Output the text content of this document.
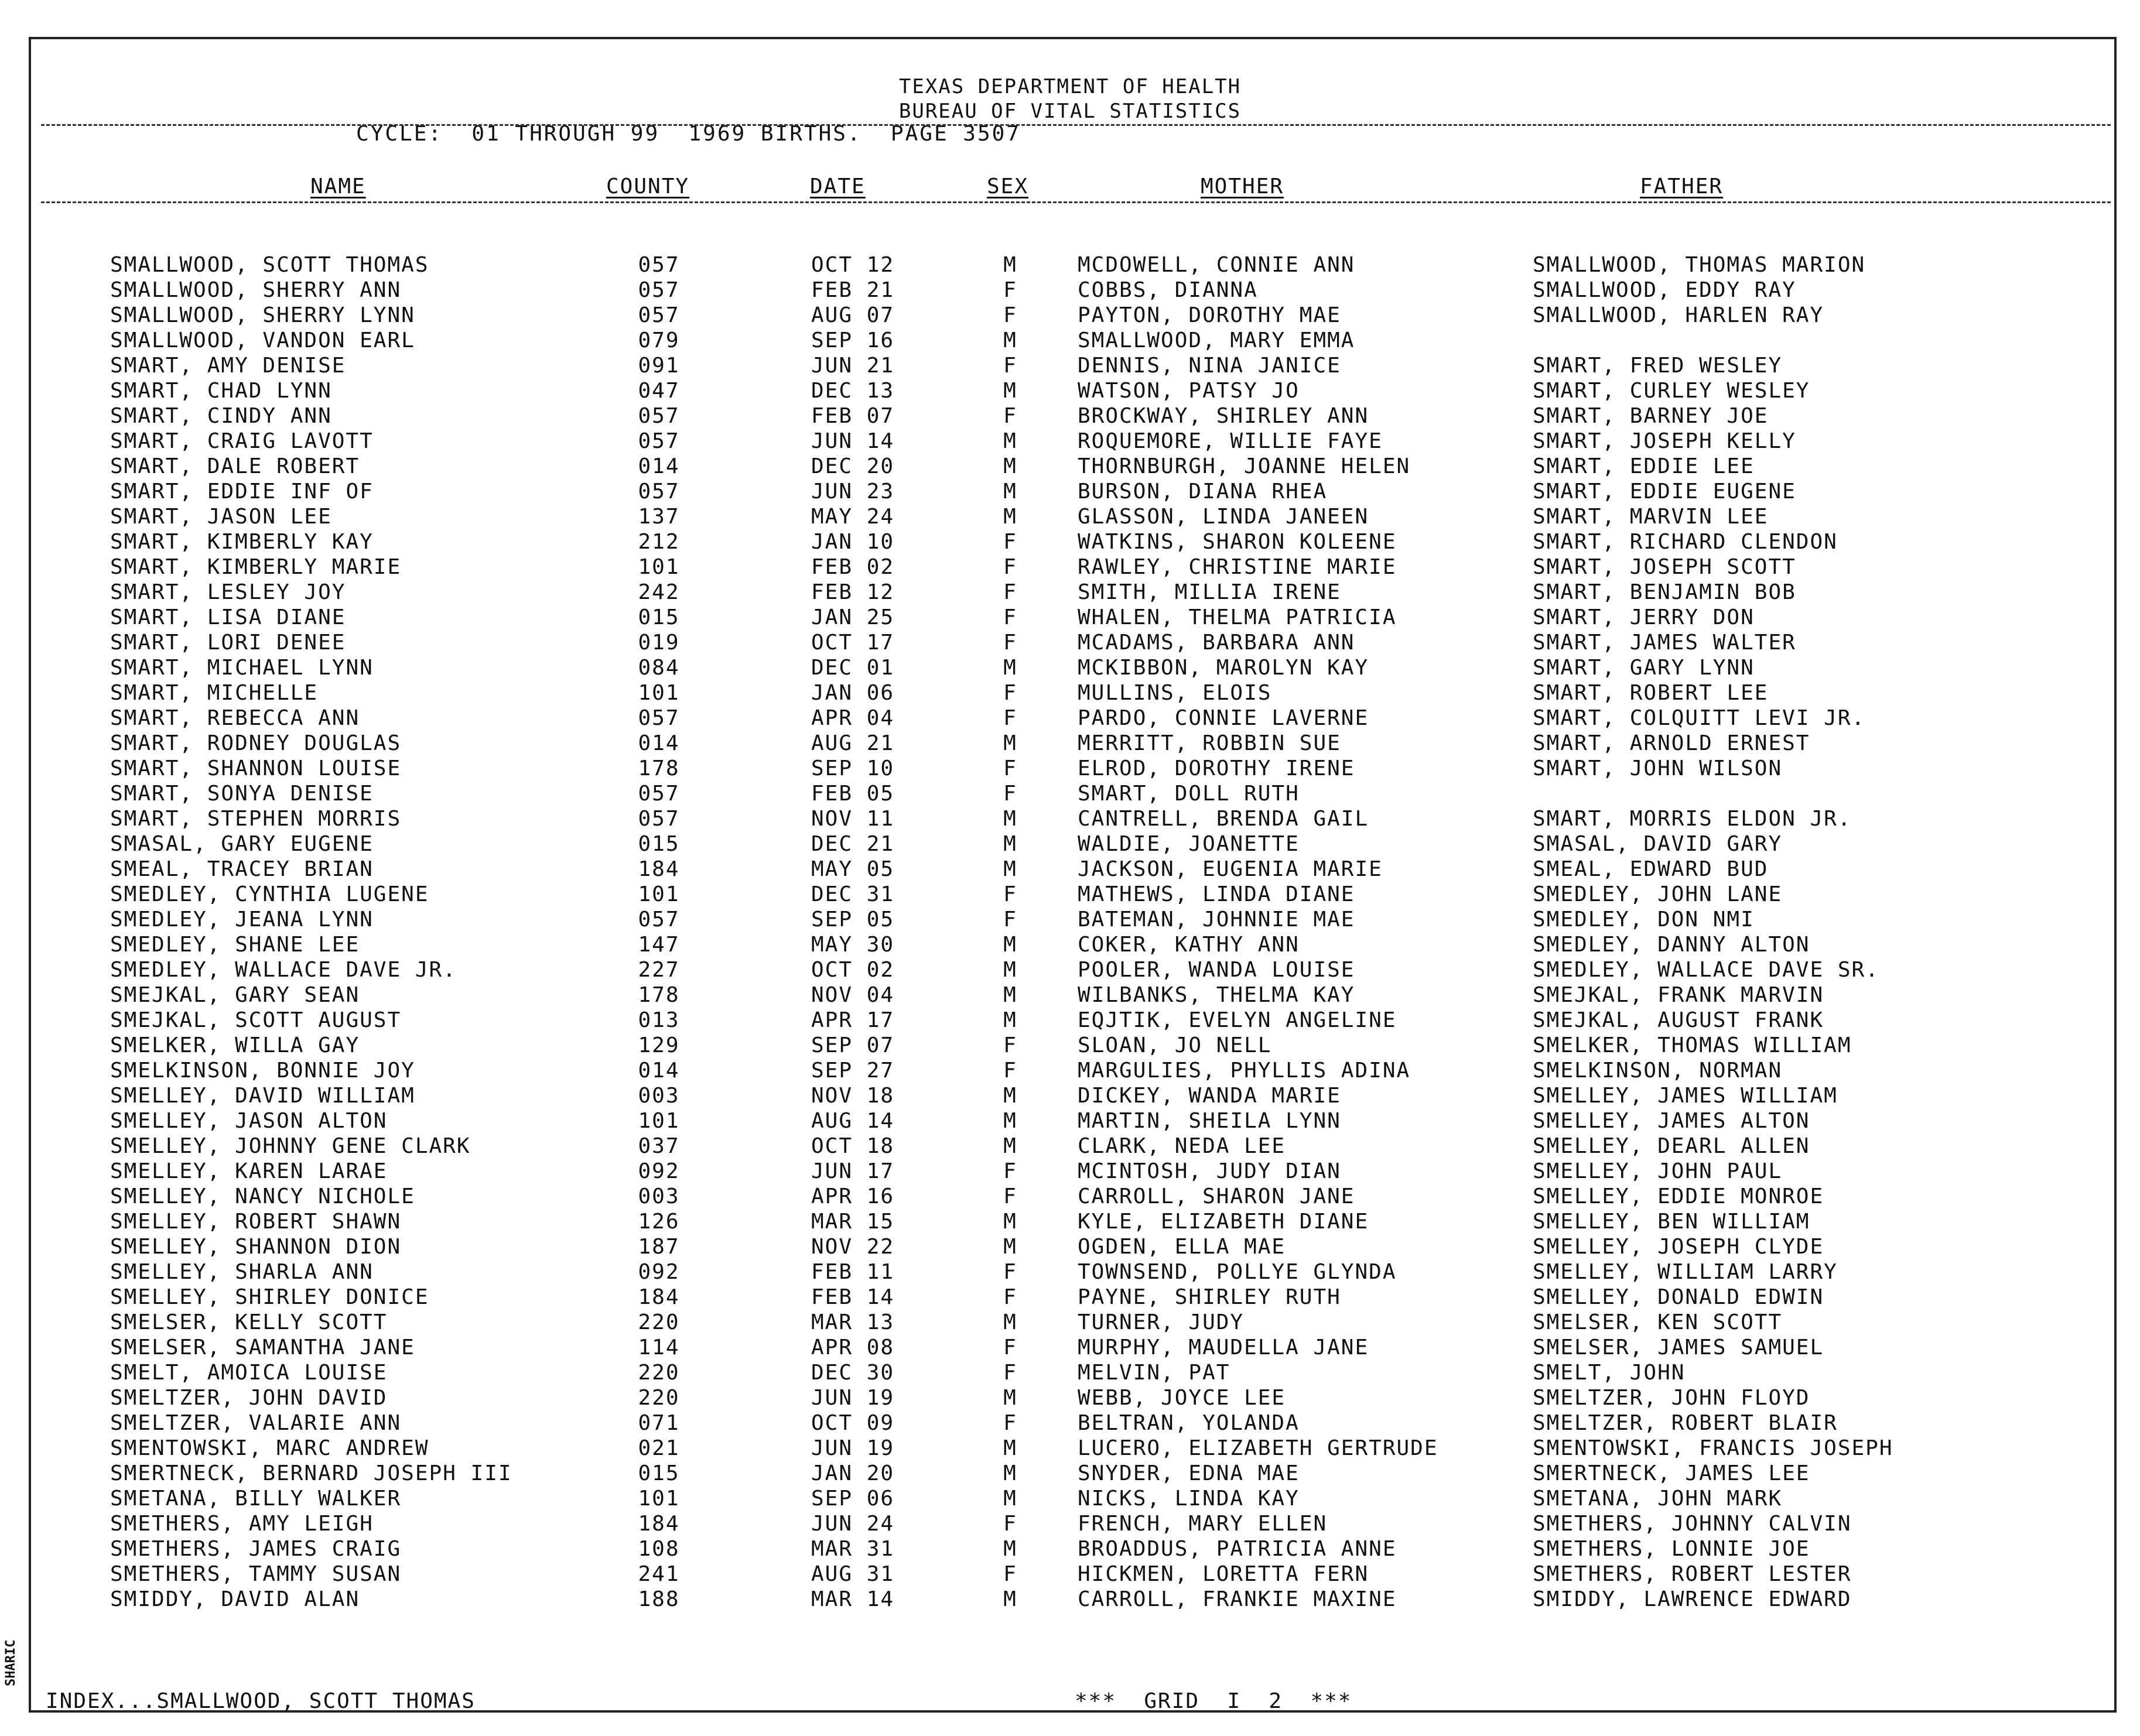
TEXAS DEPARTMENT OF HEALTH
BUREAU OF VITAL STATISTICS
CYCLE:  01 THROUGH 99  1969 BIRTHS.  PAGE 3507
NAME	COUNTY	DATE	SEX	MOTHER	FATHER
SMALLWOOD, SCOTT THOMAS	057	OCT 12	M	MCDOWELL, CONNIE ANN	SMALLWOOD, THOMAS MARION
SMALLWOOD, SHERRY ANN	057	FEB 21	F	COBBS, DIANNA	SMALLWOOD, EDDY RAY
SMALLWOOD, SHERRY LYNN	057	AUG 07	F	PAYTON, DOROTHY MAE	SMALLWOOD, HARLEN RAY
SMALLWOOD, VANDON EARL	079	SEP 16	M	SMALLWOOD, MARY EMMA
SMART, AMY DENISE	091	JUN 21	F	DENNIS, NINA JANICE	SMART, FRED WESLEY
SMART, CHAD LYNN	047	DEC 13	M	WATSON, PATSY JO	SMART, CURLEY WESLEY
SMART, CINDY ANN	057	FEB 07	F	BROCKWAY, SHIRLEY ANN	SMART, BARNEY JOE
SMART, CRAIG LAVOTT	057	JUN 14	M	ROQUEMORE, WILLIE FAYE	SMART, JOSEPH KELLY
SMART, DALE ROBERT	014	DEC 20	M	THORNBURGH, JOANNE HELEN	SMART, EDDIE LEE
SMART, EDDIE INF OF	057	JUN 23	M	BURSON, DIANA RHEA	SMART, EDDIE EUGENE
SMART, JASON LEE	137	MAY 24	M	GLASSON, LINDA JANEEN	SMART, MARVIN LEE
SMART, KIMBERLY KAY	212	JAN 10	F	WATKINS, SHARON KOLEENE	SMART, RICHARD CLENDON
SMART, KIMBERLY MARIE	101	FEB 02	F	RAWLEY, CHRISTINE MARIE	SMART, JOSEPH SCOTT
SMART, LESLEY JOY	242	FEB 12	F	SMITH, MILLIA IRENE	SMART, BENJAMIN BOB
SMART, LISA DIANE	015	JAN 25	F	WHALEN, THELMA PATRICIA	SMART, JERRY DON
SMART, LORI DENEE	019	OCT 17	F	MCADAMS, BARBARA ANN	SMART, JAMES WALTER
SMART, MICHAEL LYNN	084	DEC 01	M	MCKIBBON, MAROLYN KAY	SMART, GARY LYNN
SMART, MICHELLE	101	JAN 06	F	MULLINS, ELOIS	SMART, ROBERT LEE
SMART, REBECCA ANN	057	APR 04	F	PARDO, CONNIE LAVERNE	SMART, COLQUITT LEVI JR.
SMART, RODNEY DOUGLAS	014	AUG 21	M	MERRITT, ROBBIN SUE	SMART, ARNOLD ERNEST
SMART, SHANNON LOUISE	178	SEP 10	F	ELROD, DOROTHY IRENE	SMART, JOHN WILSON
SMART, SONYA DENISE	057	FEB 05	F	SMART, DOLL RUTH
SMART, STEPHEN MORRIS	057	NOV 11	M	CANTRELL, BRENDA GAIL	SMART, MORRIS ELDON JR.
SMASAL, GARY EUGENE	015	DEC 21	M	WALDIE, JOANETTE	SMASAL, DAVID GARY
SMEAL, TRACEY BRIAN	184	MAY 05	M	JACKSON, EUGENIA MARIE	SMEAL, EDWARD BUD
SMEDLEY, CYNTHIA LUGENE	101	DEC 31	F	MATHEWS, LINDA DIANE	SMEDLEY, JOHN LANE
SMEDLEY, JEANA LYNN	057	SEP 05	F	BATEMAN, JOHNNIE MAE	SMEDLEY, DON NMI
SMEDLEY, SHANE LEE	147	MAY 30	M	COKER, KATHY ANN	SMEDLEY, DANNY ALTON
SMEDLEY, WALLACE DAVE JR.	227	OCT 02	M	POOLER, WANDA LOUISE	SMEDLEY, WALLACE DAVE SR.
SMEJKAL, GARY SEAN	178	NOV 04	M	WILBANKS, THELMA KAY	SMEJKAL, FRANK MARVIN
SMEJKAL, SCOTT AUGUST	013	APR 17	M	EQJTIK, EVELYN ANGELINE	SMEJKAL, AUGUST FRANK
SMELKER, WILLA GAY	129	SEP 07	F	SLOAN, JO NELL	SMELKER, THOMAS WILLIAM
SMELKINSON, BONNIE JOY	014	SEP 27	F	MARGULIES, PHYLLIS ADINA	SMELKINSON, NORMAN
SMELLEY, DAVID WILLIAM	003	NOV 18	M	DICKEY, WANDA MARIE	SMELLEY, JAMES WILLIAM
SMELLEY, JASON ALTON	101	AUG 14	M	MARTIN, SHEILA LYNN	SMELLEY, JAMES ALTON
SMELLEY, JOHNNY GENE CLARK	037	OCT 18	M	CLARK, NEDA LEE	SMELLEY, DEARL ALLEN
SMELLEY, KAREN LARAE	092	JUN 17	F	MCINTOSH, JUDY DIAN	SMELLEY, JOHN PAUL
SMELLEY, NANCY NICHOLE	003	APR 16	F	CARROLL, SHARON JANE	SMELLEY, EDDIE MONROE
SMELLEY, ROBERT SHAWN	126	MAR 15	M	KYLE, ELIZABETH DIANE	SMELLEY, BEN WILLIAM
SMELLEY, SHANNON DION	187	NOV 22	M	OGDEN, ELLA MAE	SMELLEY, JOSEPH CLYDE
SMELLEY, SHARLA ANN	092	FEB 11	F	TOWNSEND, POLLYE GLYNDA	SMELLEY, WILLIAM LARRY
SMELLEY, SHIRLEY DONICE	184	FEB 14	F	PAYNE, SHIRLEY RUTH	SMELLEY, DONALD EDWIN
SMELSER, KELLY SCOTT	220	MAR 13	M	TURNER, JUDY	SMELSER, KEN SCOTT
SMELSER, SAMANTHA JANE	114	APR 08	F	MURPHY, MAUDELLA JANE	SMELSER, JAMES SAMUEL
SMELT, AMOICA LOUISE	220	DEC 30	F	MELVIN, PAT	SMELT, JOHN
SMELTZER, JOHN DAVID	220	JUN 19	M	WEBB, JOYCE LEE	SMELTZER, JOHN FLOYD
SMELTZER, VALARIE ANN	071	OCT 09	F	BELTRAN, YOLANDA	SMELTZER, ROBERT BLAIR
SMENTOWSKI, MARC ANDREW	021	JUN 19	M	LUCERO, ELIZABETH GERTRUDE	SMENTOWSKI, FRANCIS JOSEPH
SMERTNECK, BERNARD JOSEPH III	015	JAN 20	M	SNYDER, EDNA MAE	SMERTNECK, JAMES LEE
SMETANA, BILLY WALKER	101	SEP 06	M	NICKS, LINDA KAY	SMETANA, JOHN MARK
SMETHERS, AMY LEIGH	184	JUN 24	F	FRENCH, MARY ELLEN	SMETHERS, JOHNNY CALVIN
SMETHERS, JAMES CRAIG	108	MAR 31	M	BROADDUS, PATRICIA ANNE	SMETHERS, LONNIE JOE
SMETHERS, TAMMY SUSAN	241	AUG 31	F	HICKMEN, LORETTA FERN	SMETHERS, ROBERT LESTER
SMIDDY, DAVID ALAN	188	MAR 14	M	CARROLL, FRANKIE MAXINE	SMIDDY, LAWRENCE EDWARD
INDEX...SMALLWOOD, SCOTT THOMAS	***  GRID  I  2  ***
SHARIC
